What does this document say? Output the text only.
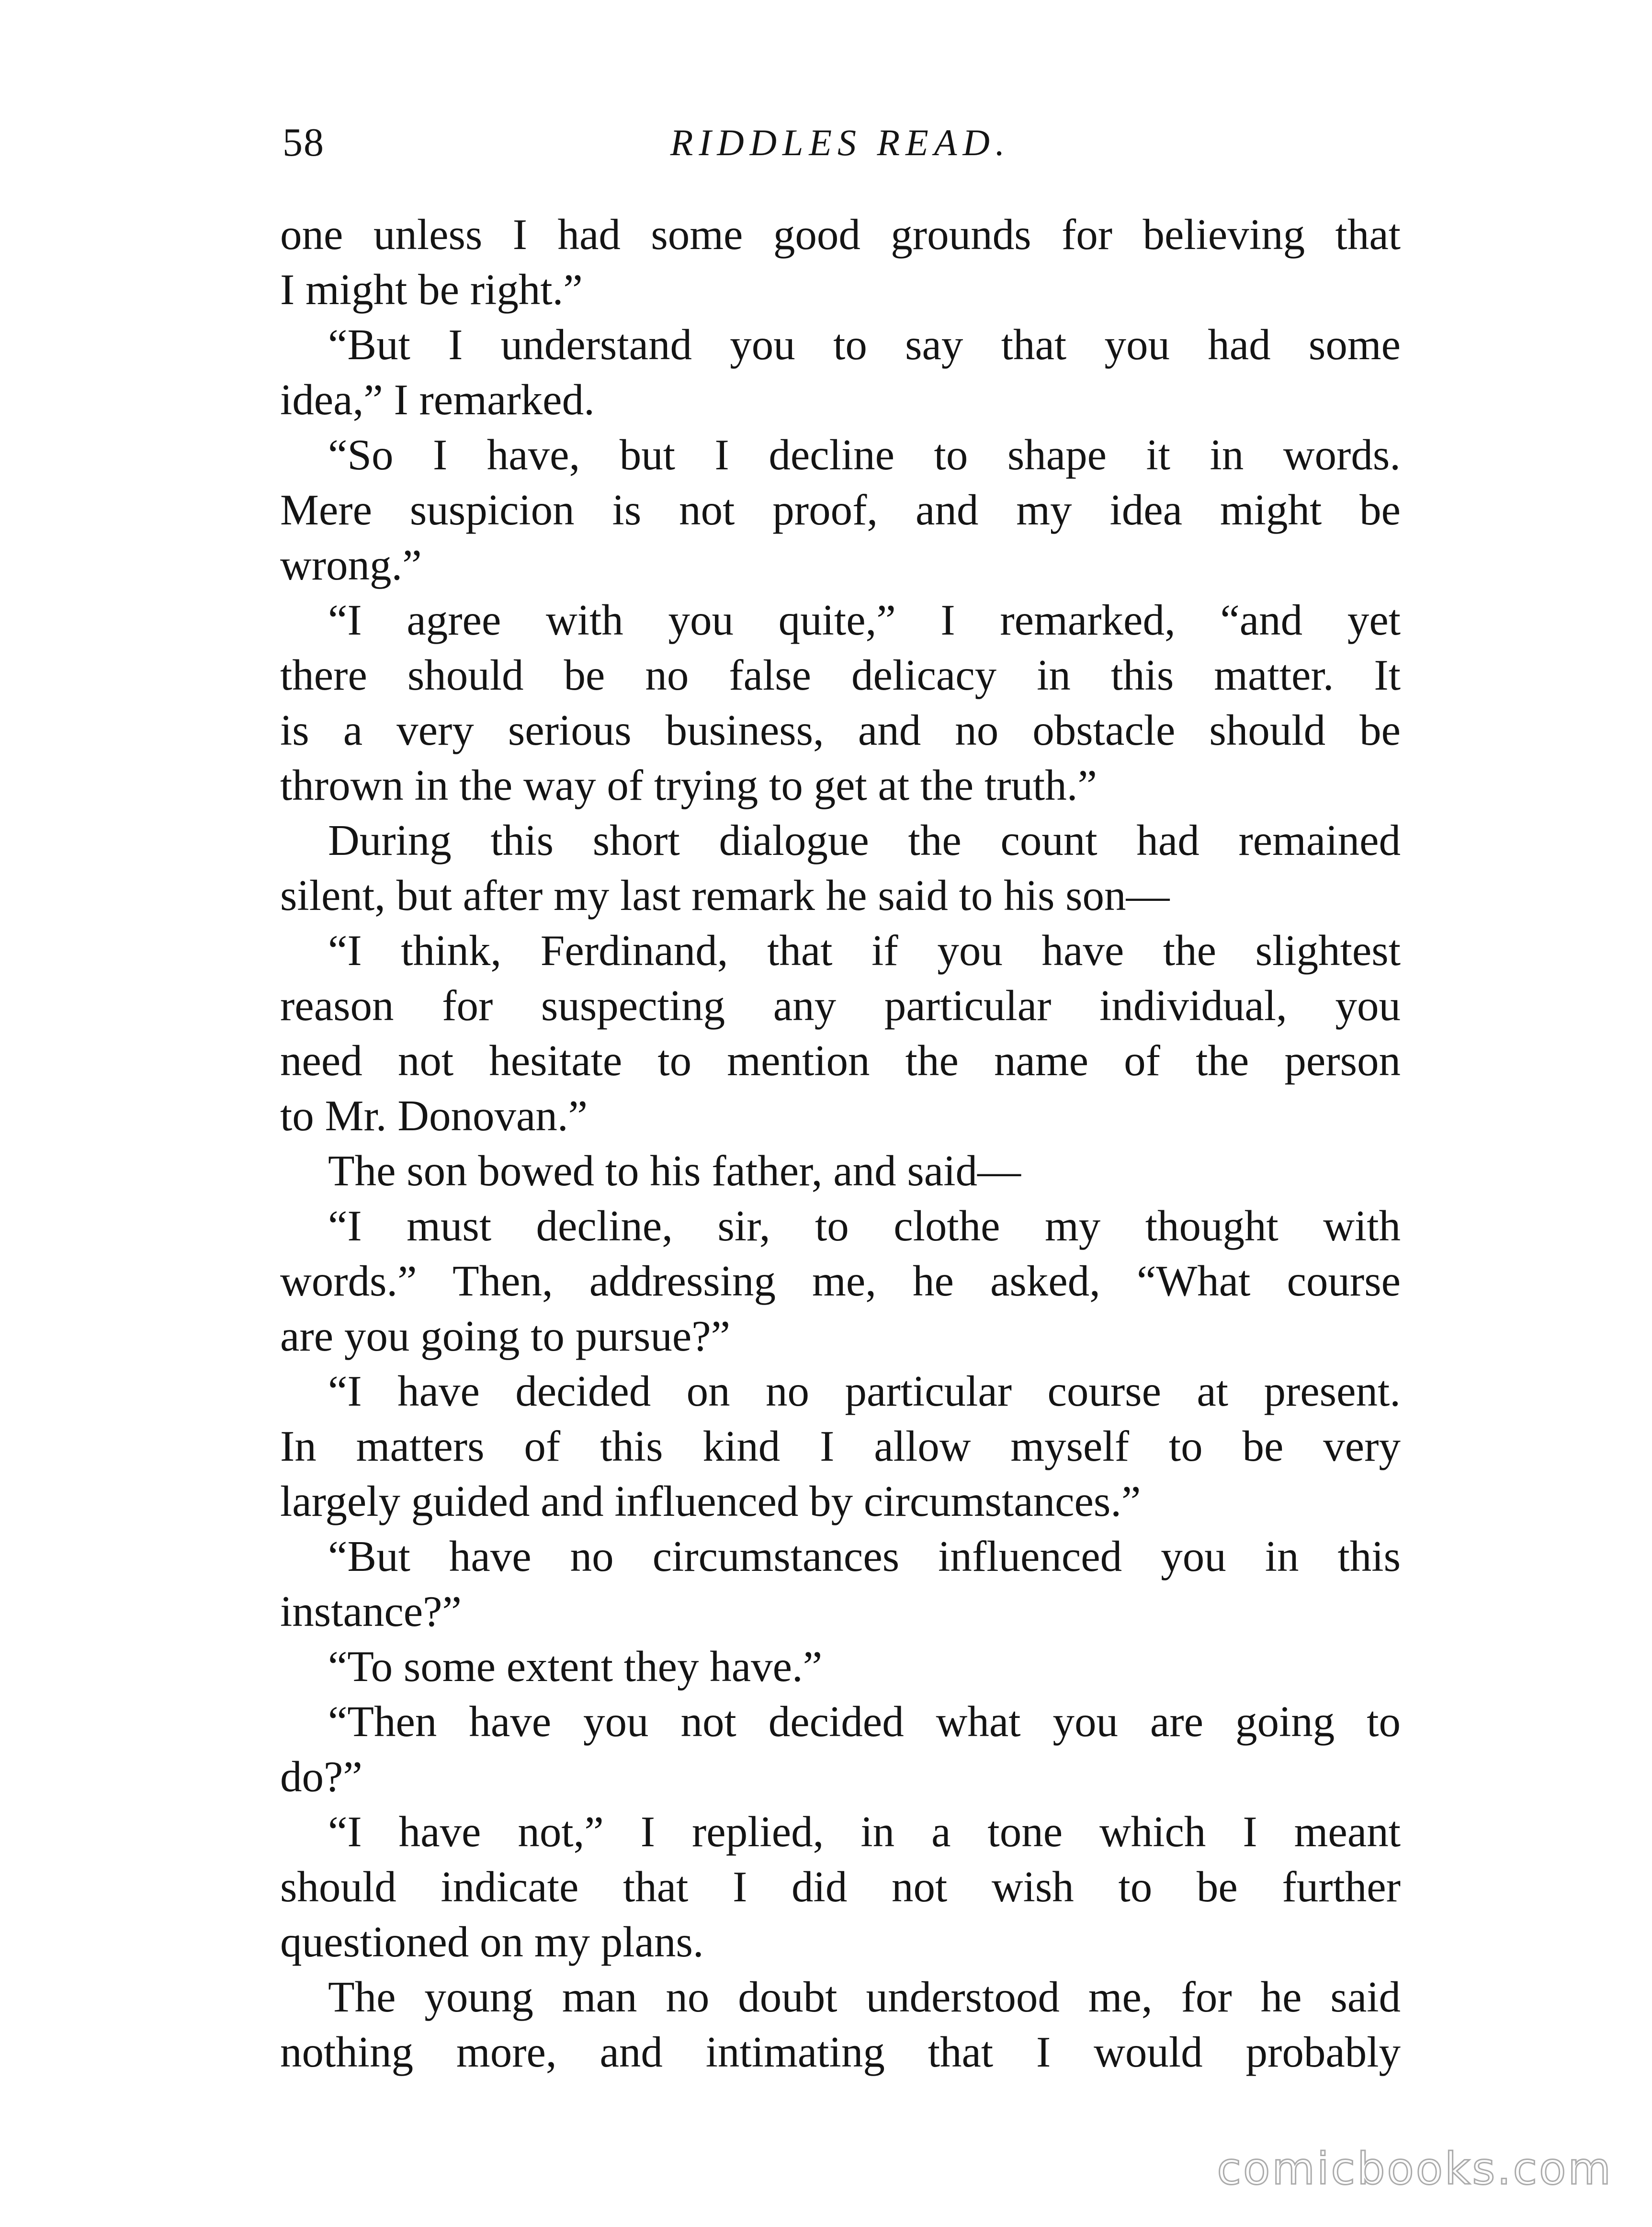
58	RIDDLES READ.
one unless I had some good grounds for believing that
I might be right.”
“But I understand you to say that you had some
idea,” I remarked.
“So I have, but I decline to shape it in words.
Mere suspicion is not proof, and my idea might be
wrong.”
“I agree with you quite,” I remarked, “and yet
there should be no false delicacy in this matter. It
is a very serious business, and no obstacle should be
thrown in the way of trying to get at the truth.”
During this short dialogue the count had remained
silent, but after my last remark he said to his son—
“I think, Ferdinand, that if you have the slightest
reason for suspecting any particular individual, you
need not hesitate to mention the name of the person
to Mr. Donovan.”
The son bowed to his father, and said—
“I must decline, sir, to clothe my thought with
words.” Then, addressing me, he asked, “What course
are you going to pursue?”
“I have decided on no particular course at present.
In matters of this kind I allow myself to be very
largely guided and influenced by circumstances.”
“But have no circumstances influenced you in this
instance?”
“To some extent they have.”
“Then have you not decided what you are going to
do?”
“I have not,” I replied, in a tone which I meant
should indicate that I did not wish to be further
questioned on my plans.
The young man no doubt understood me, for he said
nothing more, and intimating that I would probably
comicbooks.com
